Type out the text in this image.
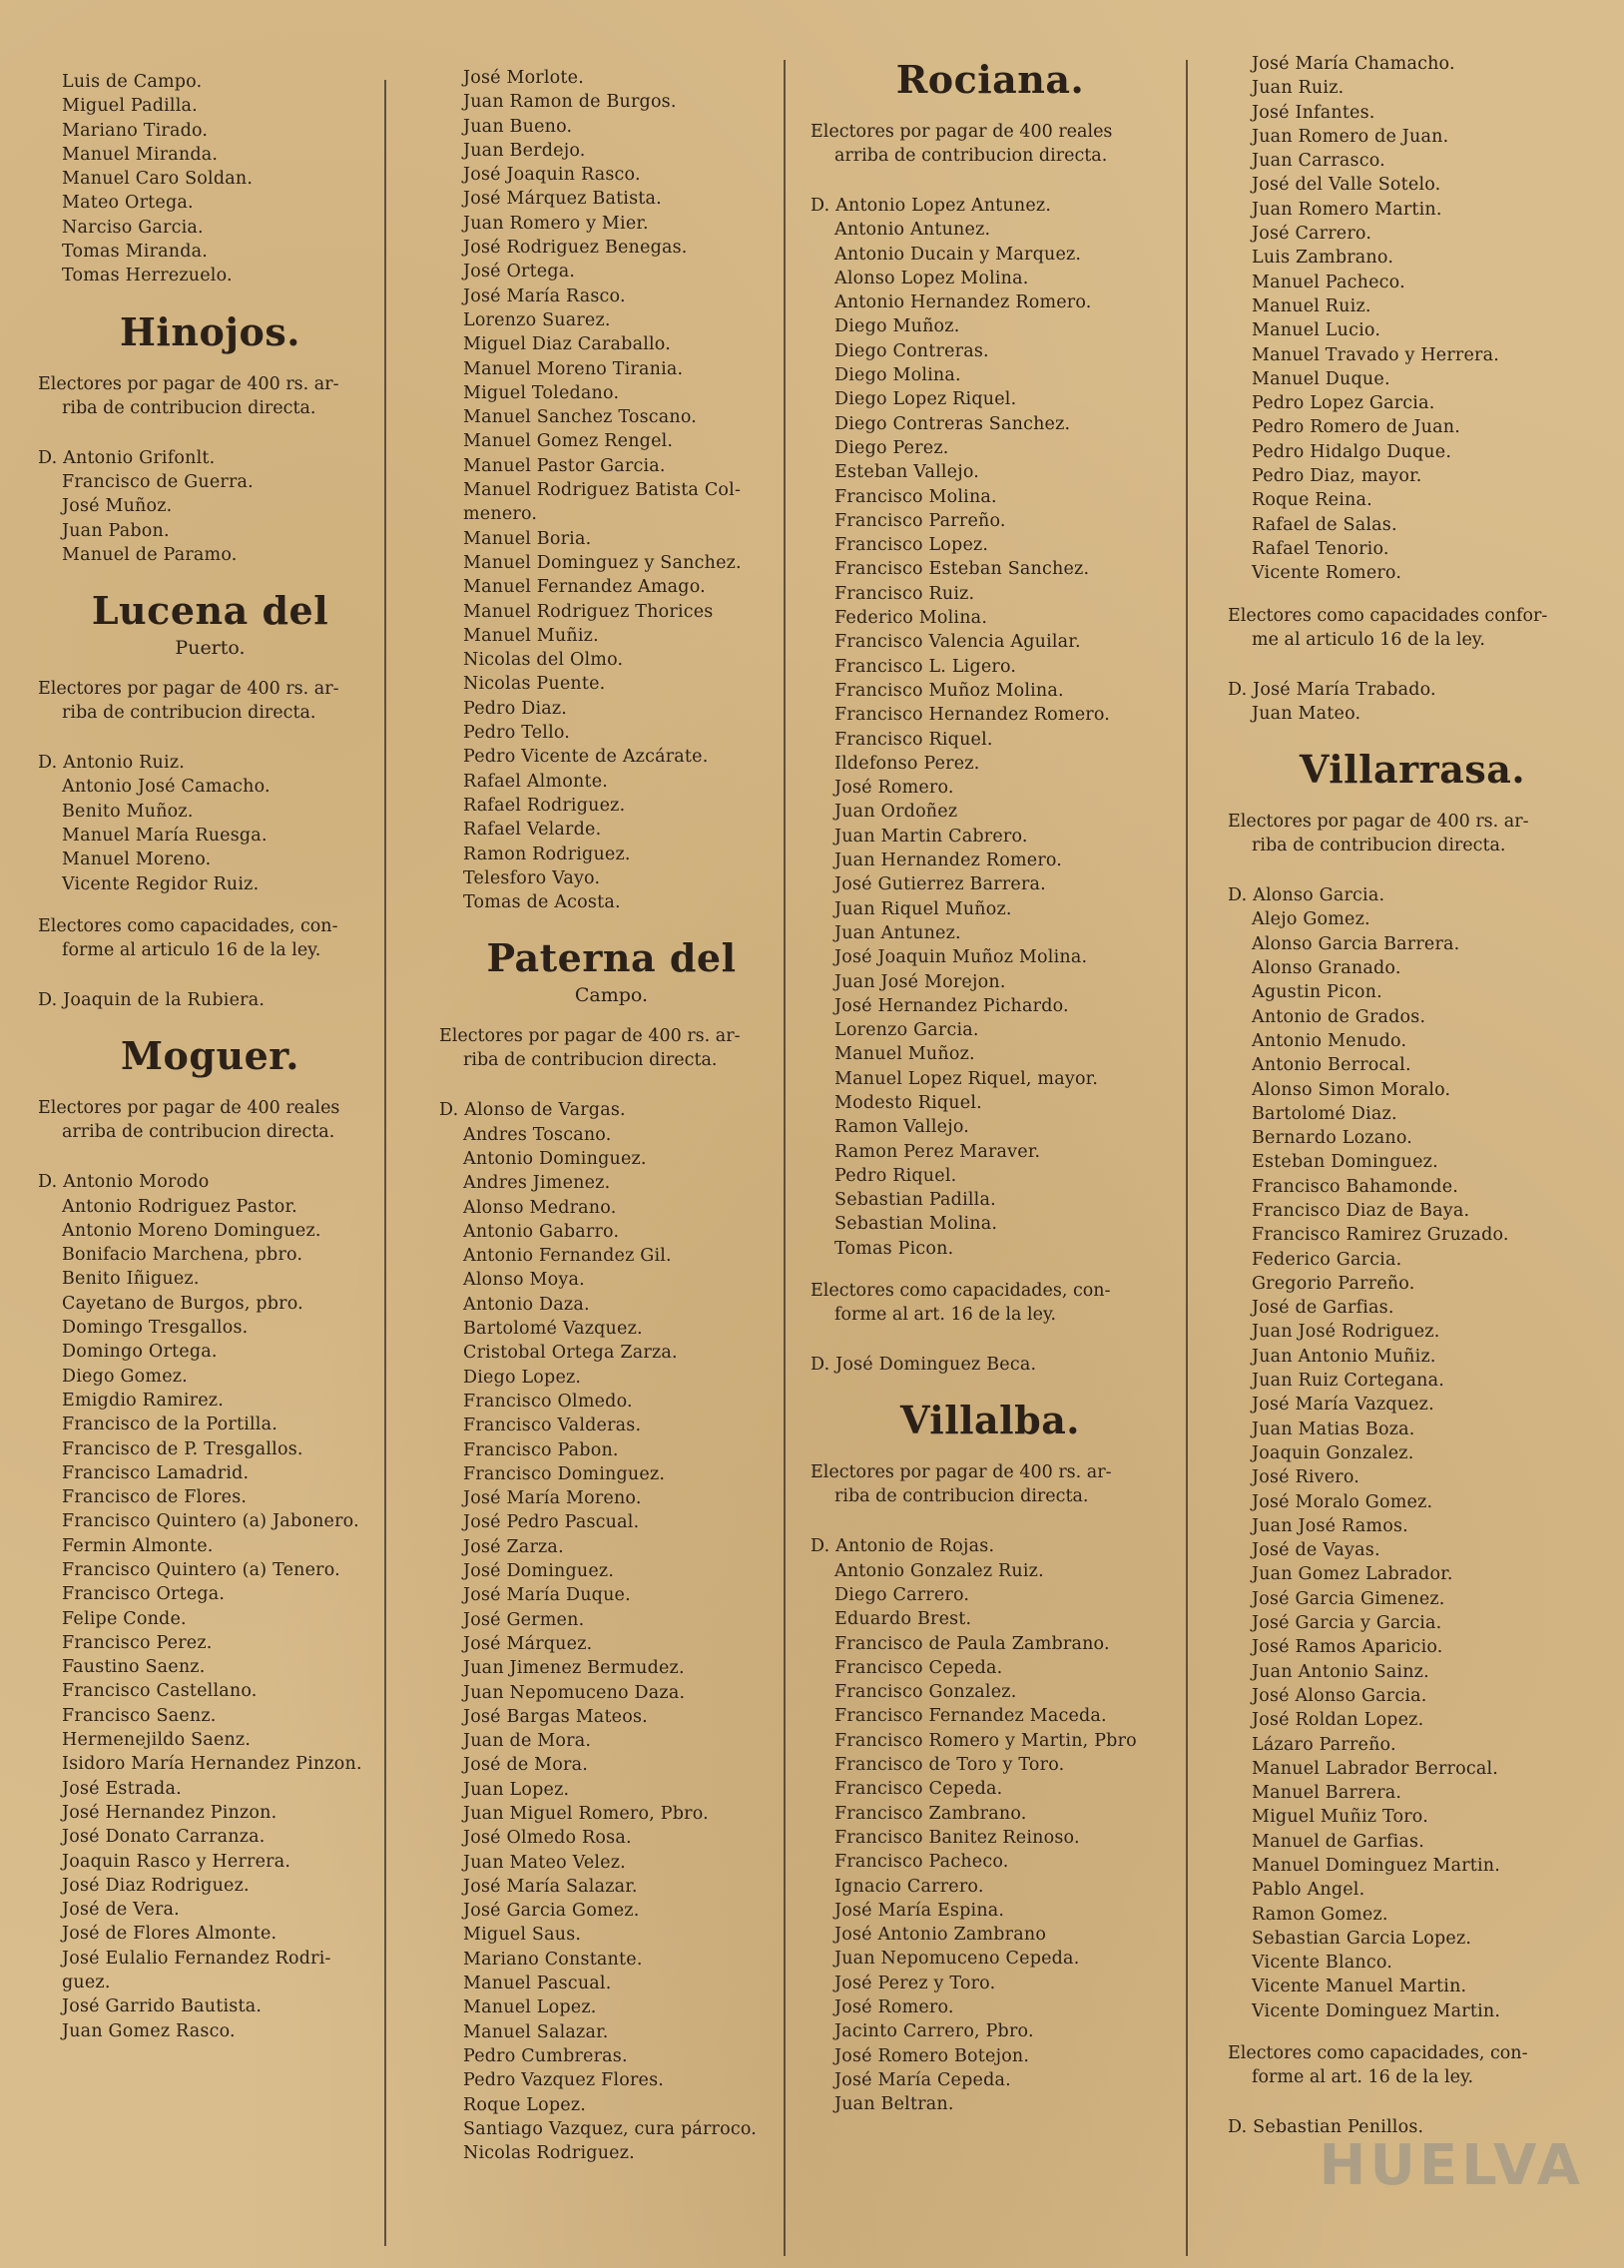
Luis de Campo.
Miguel Padilla.
Mariano Tirado.
Manuel Miranda.
Manuel Caro Soldan.
Mateo Ortega.
Narciso Garcia.
Tomas Miranda.
Tomas Herrezuelo.
Hinojos.
Electores por pagar de 400 rs. ar-
riba de contribucion directa.
D. Antonio Grifonlt.
Francisco de Guerra.
José Muñoz.
Juan Pabon.
Manuel de Paramo.
Lucena del
Puerto.
Electores por pagar de 400 rs. ar-
riba de contribucion directa.
D. Antonio Ruiz.
Antonio José Camacho.
Benito Muñoz.
Manuel María Ruesga.
Manuel Moreno.
Vicente Regidor Ruiz.
Electores como capacidades, con-
forme al articulo 16 de la ley.
D. Joaquin de la Rubiera.
Moguer.
Electores por pagar de 400 reales
arriba de contribucion directa.
D. Antonio Morodo
Antonio Rodriguez Pastor.
Antonio Moreno Dominguez.
Bonifacio Marchena, pbro.
Benito Iñiguez.
Cayetano de Burgos, pbro.
Domingo Tresgallos.
Domingo Ortega.
Diego Gomez.
Emigdio Ramirez.
Francisco de la Portilla.
Francisco de P. Tresgallos.
Francisco Lamadrid.
Francisco de Flores.
Francisco Quintero (a) Jabonero.
Fermin Almonte.
Francisco Quintero (a) Tenero.
Francisco Ortega.
Felipe Conde.
Francisco Perez.
Faustino Saenz.
Francisco Castellano.
Francisco Saenz.
Hermenejildo Saenz.
Isidoro María Hernandez Pinzon.
José Estrada.
José Hernandez Pinzon.
José Donato Carranza.
Joaquin Rasco y Herrera.
José Diaz Rodriguez.
José de Vera.
José de Flores Almonte.
José Eulalio Fernandez Rodri-
guez.
José Garrido Bautista.
Juan Gomez Rasco.
José Morlote.
Juan Ramon de Burgos.
Juan Bueno.
Juan Berdejo.
José Joaquin Rasco.
José Márquez Batista.
Juan Romero y Mier.
José Rodriguez Benegas.
José Ortega.
José María Rasco.
Lorenzo Suarez.
Miguel Diaz Caraballo.
Manuel Moreno Tirania.
Miguel Toledano.
Manuel Sanchez Toscano.
Manuel Gomez Rengel.
Manuel Pastor Garcia.
Manuel Rodriguez Batista Col-
menero.
Manuel Boria.
Manuel Dominguez y Sanchez.
Manuel Fernandez Amago.
Manuel Rodriguez Thorices
Manuel Muñiz.
Nicolas del Olmo.
Nicolas Puente.
Pedro Diaz.
Pedro Tello.
Pedro Vicente de Azcárate.
Rafael Almonte.
Rafael Rodriguez.
Rafael Velarde.
Ramon Rodriguez.
Telesforo Vayo.
Tomas de Acosta.
Paterna del
Campo.
Electores por pagar de 400 rs. ar-
riba de contribucion directa.
D. Alonso de Vargas.
Andres Toscano.
Antonio Dominguez.
Andres Jimenez.
Alonso Medrano.
Antonio Gabarro.
Antonio Fernandez Gil.
Alonso Moya.
Antonio Daza.
Bartolomé Vazquez.
Cristobal Ortega Zarza.
Diego Lopez.
Francisco Olmedo.
Francisco Valderas.
Francisco Pabon.
Francisco Dominguez.
José María Moreno.
José Pedro Pascual.
José Zarza.
José Dominguez.
José María Duque.
José Germen.
José Márquez.
Juan Jimenez Bermudez.
Juan Nepomuceno Daza.
José Bargas Mateos.
Juan de Mora.
José de Mora.
Juan Lopez.
Juan Miguel Romero, Pbro.
José Olmedo Rosa.
Juan Mateo Velez.
José María Salazar.
José Garcia Gomez.
Miguel Saus.
Mariano Constante.
Manuel Pascual.
Manuel Lopez.
Manuel Salazar.
Pedro Cumbreras.
Pedro Vazquez Flores.
Roque Lopez.
Santiago Vazquez, cura párroco.
Nicolas Rodriguez.
Rociana.
Electores por pagar de 400 reales
arriba de contribucion directa.
D. Antonio Lopez Antunez.
Antonio Antunez.
Antonio Ducain y Marquez.
Alonso Lopez Molina.
Antonio Hernandez Romero.
Diego Muñoz.
Diego Contreras.
Diego Molina.
Diego Lopez Riquel.
Diego Contreras Sanchez.
Diego Perez.
Esteban Vallejo.
Francisco Molina.
Francisco Parreño.
Francisco Lopez.
Francisco Esteban Sanchez.
Francisco Ruiz.
Federico Molina.
Francisco Valencia Aguilar.
Francisco L. Ligero.
Francisco Muñoz Molina.
Francisco Hernandez Romero.
Francisco Riquel.
Ildefonso Perez.
José Romero.
Juan Ordoñez
Juan Martin Cabrero.
Juan Hernandez Romero.
José Gutierrez Barrera.
Juan Riquel Muñoz.
Juan Antunez.
José Joaquin Muñoz Molina.
Juan José Morejon.
José Hernandez Pichardo.
Lorenzo Garcia.
Manuel Muñoz.
Manuel Lopez Riquel, mayor.
Modesto Riquel.
Ramon Vallejo.
Ramon Perez Maraver.
Pedro Riquel.
Sebastian Padilla.
Sebastian Molina.
Tomas Picon.
Electores como capacidades, con-
forme al art. 16 de la ley.
D. José Dominguez Beca.
Villalba.
Electores por pagar de 400 rs. ar-
riba de contribucion directa.
D. Antonio de Rojas.
Antonio Gonzalez Ruiz.
Diego Carrero.
Eduardo Brest.
Francisco de Paula Zambrano.
Francisco Cepeda.
Francisco Gonzalez.
Francisco Fernandez Maceda.
Francisco Romero y Martin, Pbro
Francisco de Toro y Toro.
Francisco Cepeda.
Francisco Zambrano.
Francisco Banitez Reinoso.
Francisco Pacheco.
Ignacio Carrero.
José María Espina.
José Antonio Zambrano
Juan Nepomuceno Cepeda.
José Perez y Toro.
José Romero.
Jacinto Carrero, Pbro.
José Romero Botejon.
José María Cepeda.
Juan Beltran.
José María Chamacho.
Juan Ruiz.
José Infantes.
Juan Romero de Juan.
Juan Carrasco.
José del Valle Sotelo.
Juan Romero Martin.
José Carrero.
Luis Zambrano.
Manuel Pacheco.
Manuel Ruiz.
Manuel Lucio.
Manuel Travado y Herrera.
Manuel Duque.
Pedro Lopez Garcia.
Pedro Romero de Juan.
Pedro Hidalgo Duque.
Pedro Diaz, mayor.
Roque Reina.
Rafael de Salas.
Rafael Tenorio.
Vicente Romero.
Electores como capacidades confor-
me al articulo 16 de la ley.
D. José María Trabado.
Juan Mateo.
Villarrasa.
Electores por pagar de 400 rs. ar-
riba de contribucion directa.
D. Alonso Garcia.
Alejo Gomez.
Alonso Garcia Barrera.
Alonso Granado.
Agustin Picon.
Antonio de Grados.
Antonio Menudo.
Antonio Berrocal.
Alonso Simon Moralo.
Bartolomé Diaz.
Bernardo Lozano.
Esteban Dominguez.
Francisco Bahamonde.
Francisco Diaz de Baya.
Francisco Ramirez Gruzado.
Federico Garcia.
Gregorio Parreño.
José de Garfias.
Juan José Rodriguez.
Juan Antonio Muñiz.
Juan Ruiz Cortegana.
José María Vazquez.
Juan Matias Boza.
Joaquin Gonzalez.
José Rivero.
José Moralo Gomez.
Juan José Ramos.
José de Vayas.
Juan Gomez Labrador.
José Garcia Gimenez.
José Garcia y Garcia.
José Ramos Aparicio.
Juan Antonio Sainz.
José Alonso Garcia.
José Roldan Lopez.
Lázaro Parreño.
Manuel Labrador Berrocal.
Manuel Barrera.
Miguel Muñiz Toro.
Manuel de Garfias.
Manuel Dominguez Martin.
Pablo Angel.
Ramon Gomez.
Sebastian Garcia Lopez.
Vicente Blanco.
Vicente Manuel Martin.
Vicente Dominguez Martin.
Electores como capacidades, con-
forme al art. 16 de la ley.
D. Sebastian Penillos.
HUELVA
